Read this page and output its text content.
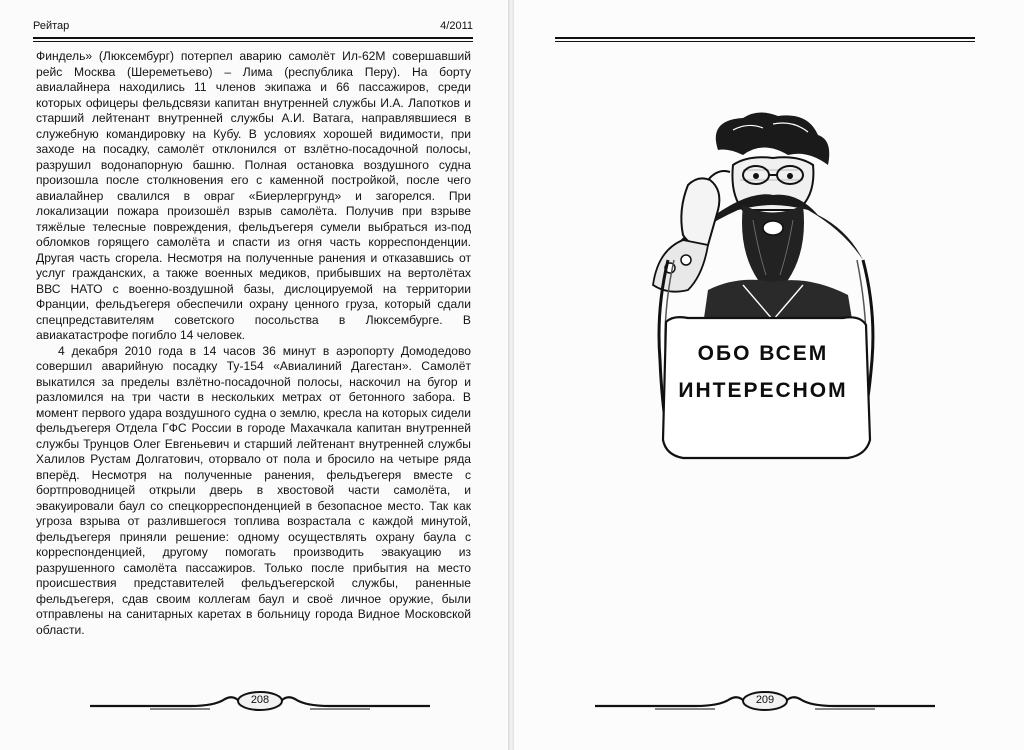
Рейтар	4/2011

Финдель» (Люксембург) потерпел аварию самолёт Ил-62М совершавший рейс Москва (Шереметьево) – Лима (республика Перу). На борту авиалайнера находились 11 членов экипажа и 66 пассажиров, среди которых офицеры фельдсвязи капитан внутренней службы И.А. Лапотков и старший лейтенант внутренней службы А.И. Ватага, направлявшиеся в служебную командировку на Кубу. В условиях хорошей видимости, при заходе на посадку, самолёт отклонился от взлётно-посадочной полосы, разрушил водонапорную башню. Полная остановка воздушного судна произошла после столкновения его с каменной постройкой, после чего авиалайнер свалился в овраг «Биерлергрунд» и загорелся. При локализации пожара произошёл взрыв самолёта. Получив при взрыве тяжёлые телесные повреждения, фельдъегеря сумели выбраться из-под обломков горящего самолёта и спасти из огня часть корреспонденции. Другая часть сгорела. Несмотря на полученные ранения и отказавшись от услуг гражданских, а также военных медиков, прибывших на вертолётах ВВС НАТО с военно-воздушной базы, дислоцируемой на территории Франции, фельдъегеря обеспечили охрану ценного груза, который сдали спецпредставителям советского посольства в Люксембурге. В авиакатастрофе погибло 14 человек.

4 декабря 2010 года в 14 часов 36 минут в аэропорту Домодедово совершил аварийную посадку Ту-154 «Авиалиний Дагестан». Самолёт выкатился за пределы взлётно-посадочной полосы, наскочил на бугор и разломился на три части в нескольких метрах от бетонного забора. В момент первого удара воздушного судна о землю, кресла на которых сидели фельдъегеря Отдела ГФС России в городе Махачкала капитан внутренней службы Трунцов Олег Евгеньевич и старший лейтенант внутренней службы Халилов Рустам Долгатович, оторвало от пола и бросило на четыре ряда вперёд. Несмотря на полученные ранения, фельдъегеря вместе с бортпроводницей открыли дверь в хвостовой части самолёта, и эвакуировали баул со спецкорреспонденцией в безопасное место. Так как угроза взрыва от разлившегося топлива возрастала с каждой минутой, фельдъегеря приняли решение: одному осуществлять охрану баула с корреспонденцией, другому помогать производить эвакуацию из разрушенного самолёта пассажиров. Только после прибытия на место происшествия представителей фельдъегерской службы, раненные фельдъегеря, сдав своим коллегам баул и своё личное оружие, были отправлены на санитарных каретах в больницу города Видное Московской области.

208
ОБО ВСЕМ
ИНТЕРЕСНОМ
209
